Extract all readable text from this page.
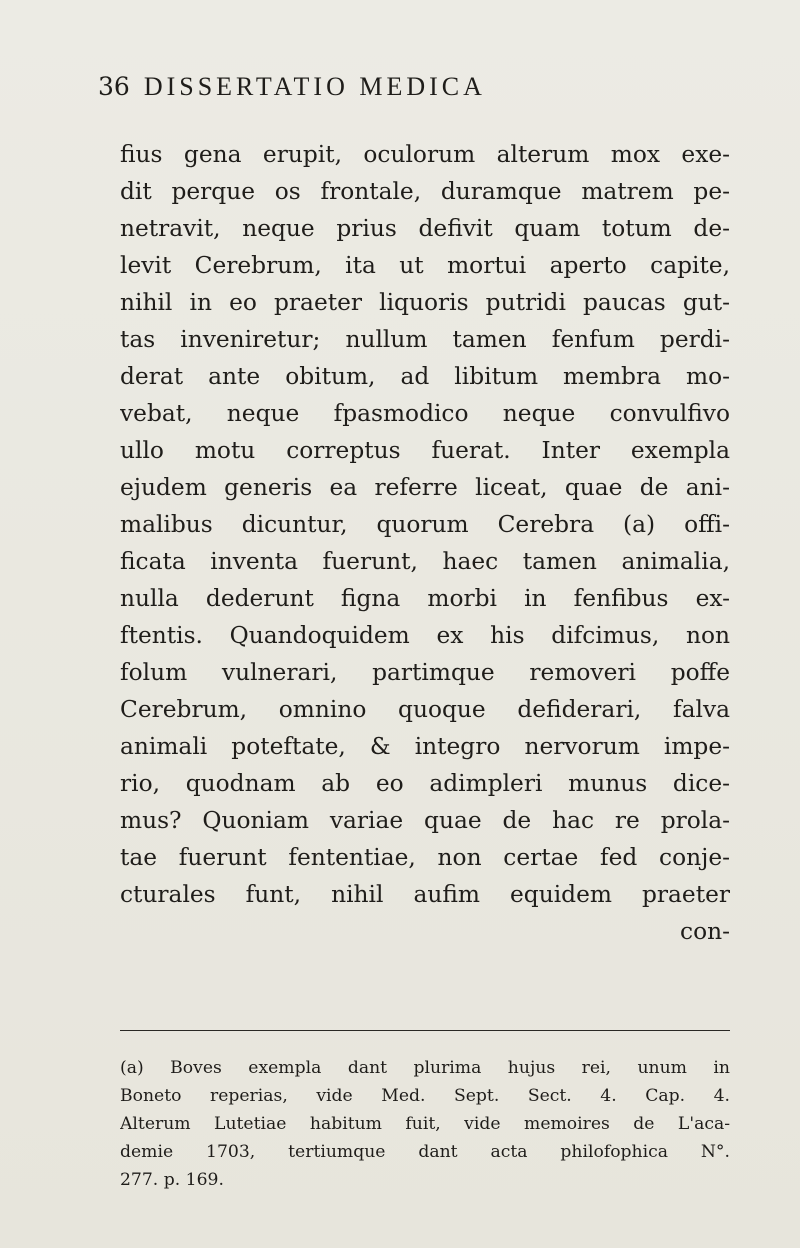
36 DISSERTATIO MEDICA
fius gena erupit, oculorum alterum mox exe-
dit perque os frontale, duramque matrem pe-
netravit, neque prius defivit quam totum de-
levit Cerebrum, ita ut mortui aperto capite,
nihil in eo praeter liquoris putridi paucas gut-
tas inveniretur; nullum tamen fenfum perdi-
derat ante obitum, ad libitum membra mo-
vebat, neque fpasmodico neque convulfivo
ullo motu correptus fuerat. Inter exempla
ejudem generis ea referre liceat, quae de ani-
malibus dicuntur, quorum Cerebra (a) offi-
ficata inventa fuerunt, haec tamen animalia,
nulla dederunt figna morbi in fenfibus ex-
ftentis. Quandoquidem ex his difcimus, non
folum vulnerari, partimque removeri poffe
Cerebrum, omnino quoque defiderari, falva
animali poteftate, & integro nervorum impe-
rio, quodnam ab eo adimpleri munus dice-
mus? Quoniam variae quae de hac re prola-
tae fuerunt fententiae, non certae fed conje-
cturales funt, nihil aufim equidem praeter
con-
(a) Boves exempla dant plurima hujus rei, unum in
Boneto reperias, vide Med. Sept. Sect. 4. Cap. 4.
Alterum Lutetiae habitum fuit, vide memoires de L'aca-
demie 1703, tertiumque dant acta philofophica N°.
277. p. 169.
